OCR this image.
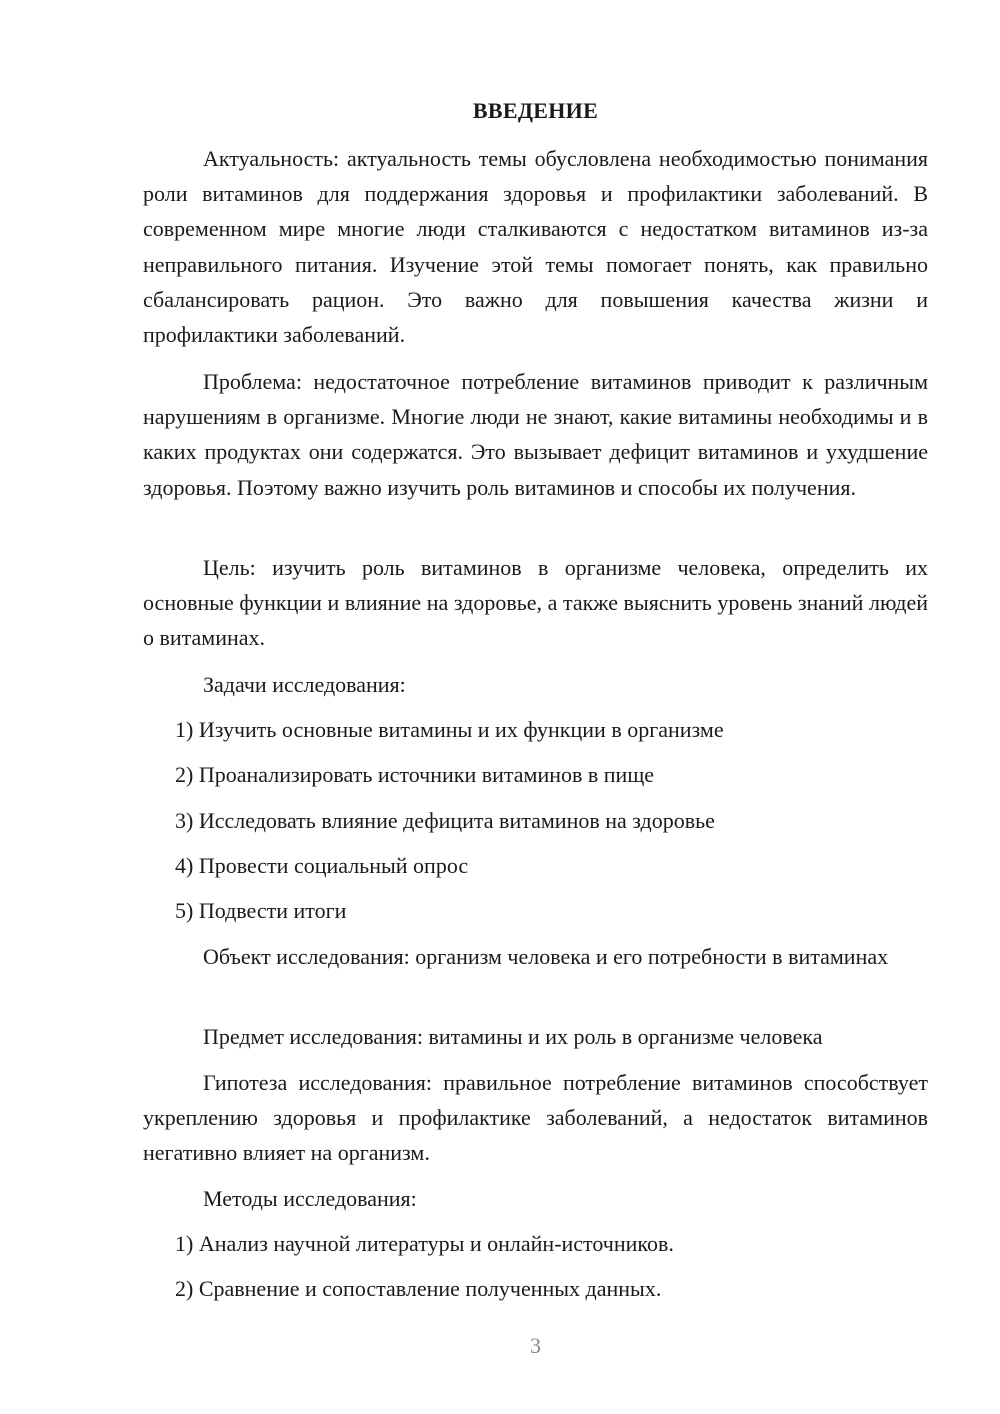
ВВЕДЕНИЕ

Актуальность: актуальность темы обусловлена необходимостью понимания роли витаминов для поддержания здоровья и профилактики заболеваний. В современном мире многие люди сталкиваются с недостатком витаминов из-за неправильного питания. Изучение этой темы помогает понять, как правильно сбалансировать рацион. Это важно для повышения качества жизни и профилактики заболеваний.

Проблема: недостаточное потребление витаминов приводит к различным нарушениям в организме. Многие люди не знают, какие витамины необходимы и в каких продуктах они содержатся. Это вызывает дефицит витаминов и ухудшение здоровья. Поэтому важно изучить роль витаминов и способы их получения.

Цель: изучить роль витаминов в организме человека, определить их основные функции и влияние на здоровье, а также выяснить уровень знаний людей о витаминах.

Задачи исследования:

1) Изучить основные витамины и их функции в организме

2) Проанализировать источники витаминов в пище

3) Исследовать влияние дефицита витаминов на здоровье

4) Провести социальный опрос

5) Подвести итоги

Объект исследования: организм человека и его потребности в витаминах

Предмет исследования: витамины и их роль в организме человека

Гипотеза исследования: правильное потребление витаминов способствует укреплению здоровья и профилактике заболеваний, а недостаток витаминов негативно влияет на организм.

Методы исследования:

1) Анализ научной литературы и онлайн-источников.

2) Сравнение и сопоставление полученных данных.

3
